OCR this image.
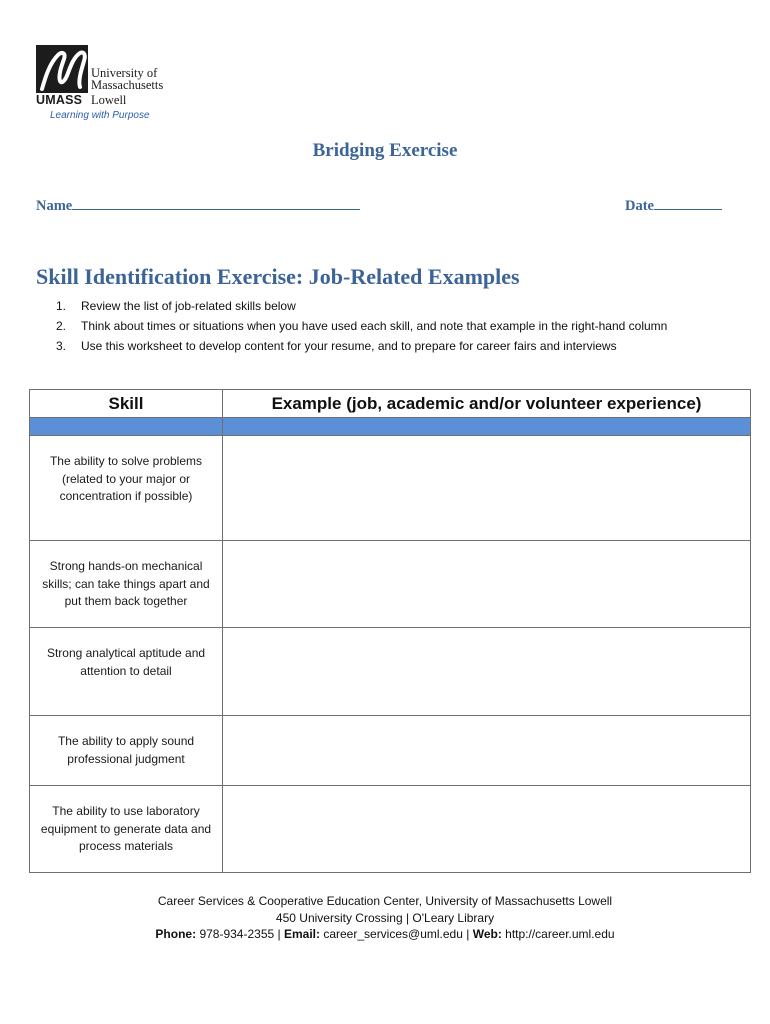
University of
Massachusetts
UMASS Lowell
Learning with Purpose
Bridging Exercise
Name	Date
Skill Identification Exercise: Job-Related Examples
1. Review the list of job-related skills below
2. Think about times or situations when you have used each skill, and note that example in the right-hand column
3. Use this worksheet to develop content for your resume, and to prepare for career fairs and interviews
Skill	Example (job, academic and/or volunteer experience)

The ability to solve problems (related to your major or concentration if possible)	
Strong hands-on mechanical skills; can take things apart and put them back together	
Strong analytical aptitude and attention to detail	
The ability to apply sound professional judgment	
The ability to use laboratory equipment to generate data and process materials	
Career Services & Cooperative Education Center, University of Massachusetts Lowell
450 University Crossing | O'Leary Library
Phone: 978-934-2355 | Email: career_services@uml.edu | Web: http://career.uml.edu
